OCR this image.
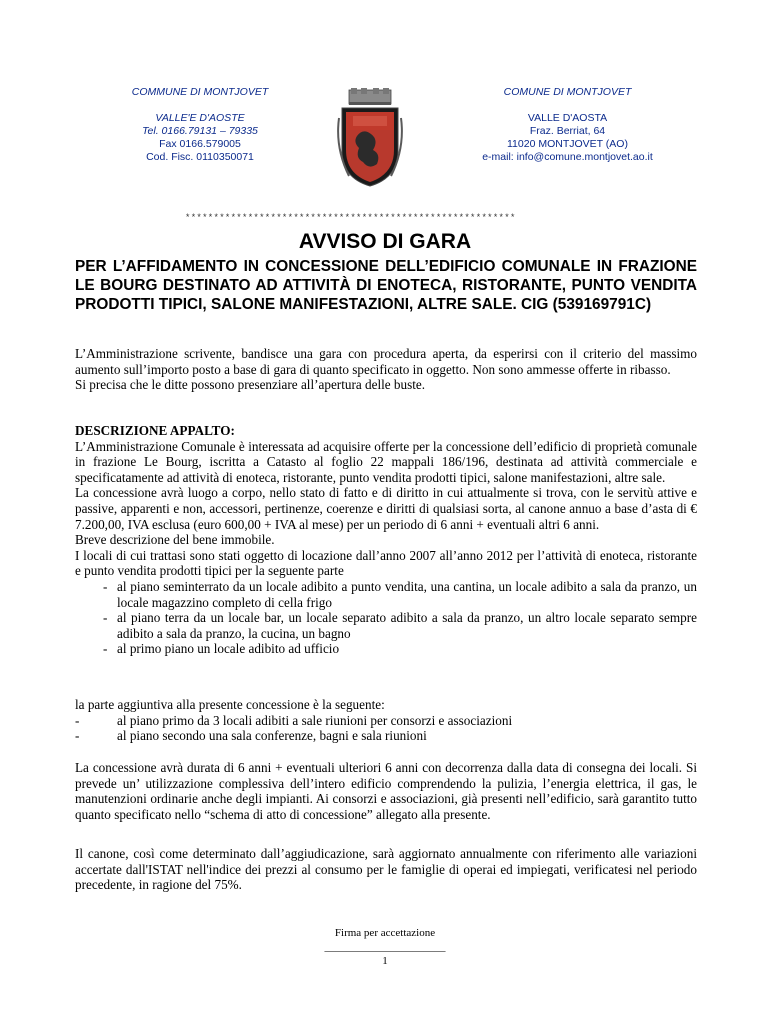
COMMUNE DI MONTJOVET
VALLE'E D'AOSTE
Tel. 0166.79131 – 79335
Fax 0166.579005
Cod. Fisc. 0110350071
COMUNE DI MONTJOVET
VALLE D'AOSTA
Fraz. Berriat, 64
11020 MONTJOVET (AO)
e-mail: info@comune.montjovet.ao.it
**********************************************************
AVVISO DI GARA
PER L’AFFIDAMENTO IN CONCESSIONE DELL’EDIFICIO COMUNALE IN FRAZIONE LE BOURG DESTINATO AD ATTIVITÀ DI ENOTECA, RISTORANTE, PUNTO VENDITA PRODOTTI TIPICI, SALONE MANIFESTAZIONI, ALTRE SALE. CIG (539169791C)
L’Amministrazione scrivente, bandisce una gara con procedura aperta, da esperirsi con il criterio del massimo aumento sull’importo posto a base di gara di quanto specificato in oggetto. Non sono ammesse offerte in ribasso.
Si precisa che le ditte possono presenziare all’apertura delle buste.
DESCRIZIONE APPALTO:
L’Amministrazione Comunale è interessata ad acquisire offerte per la concessione dell’edificio di proprietà comunale in frazione Le Bourg, iscritta a Catasto al foglio 22 mappali 186/196, destinata ad attività commerciale e specificatamente ad attività di enoteca, ristorante, punto vendita prodotti tipici, salone manifestazioni, altre sale.
La concessione avrà luogo a corpo, nello stato di fatto e di diritto in cui attualmente si trova, con le servitù attive e passive, apparenti e non, accessori, pertinenze, coerenze e diritti di qualsiasi sorta, al canone annuo a base d’asta di € 7.200,00, IVA esclusa (euro 600,00 + IVA al mese) per un periodo di 6 anni + eventuali altri 6 anni.
Breve descrizione del bene immobile.
I locali di cui trattasi sono stati oggetto di locazione dall’anno 2007 all’anno 2012 per l’attività di enoteca, ristorante e punto vendita prodotti tipici per la seguente parte
- al piano seminterrato da un locale adibito a punto vendita, una cantina, un locale adibito a sala da pranzo, un locale magazzino completo di cella frigo
- al piano terra da un locale bar, un locale separato adibito a sala da pranzo, un altro locale separato sempre adibito a sala da pranzo, la cucina, un bagno
- al primo piano un locale adibito ad ufficio
la parte aggiuntiva alla presente concessione è la seguente:
-	al piano primo da 3 locali adibiti a sale riunioni per consorzi e associazioni
-	al piano secondo una sala conferenze, bagni e sala riunioni
La concessione avrà durata di 6 anni + eventuali ulteriori 6 anni con decorrenza dalla data di consegna dei locali. Si prevede un’ utilizzazione complessiva dell’intero edificio comprendendo la pulizia, l’energia elettrica, il gas, le manutenzioni ordinarie anche degli impianti. Ai consorzi e associazioni, già presenti nell’edificio, sarà garantito tutto quanto specificato nello “schema di atto di concessione” allegato alla presente.
Il canone, così come determinato dall’aggiudicazione, sarà aggiornato annualmente con riferimento alle variazioni accertate dall'ISTAT nell'indice dei prezzi al consumo per le famiglie di operai ed impiegati, verificatesi nel periodo precedente, in ragione del 75%.
Firma per accettazione
______________________
1
